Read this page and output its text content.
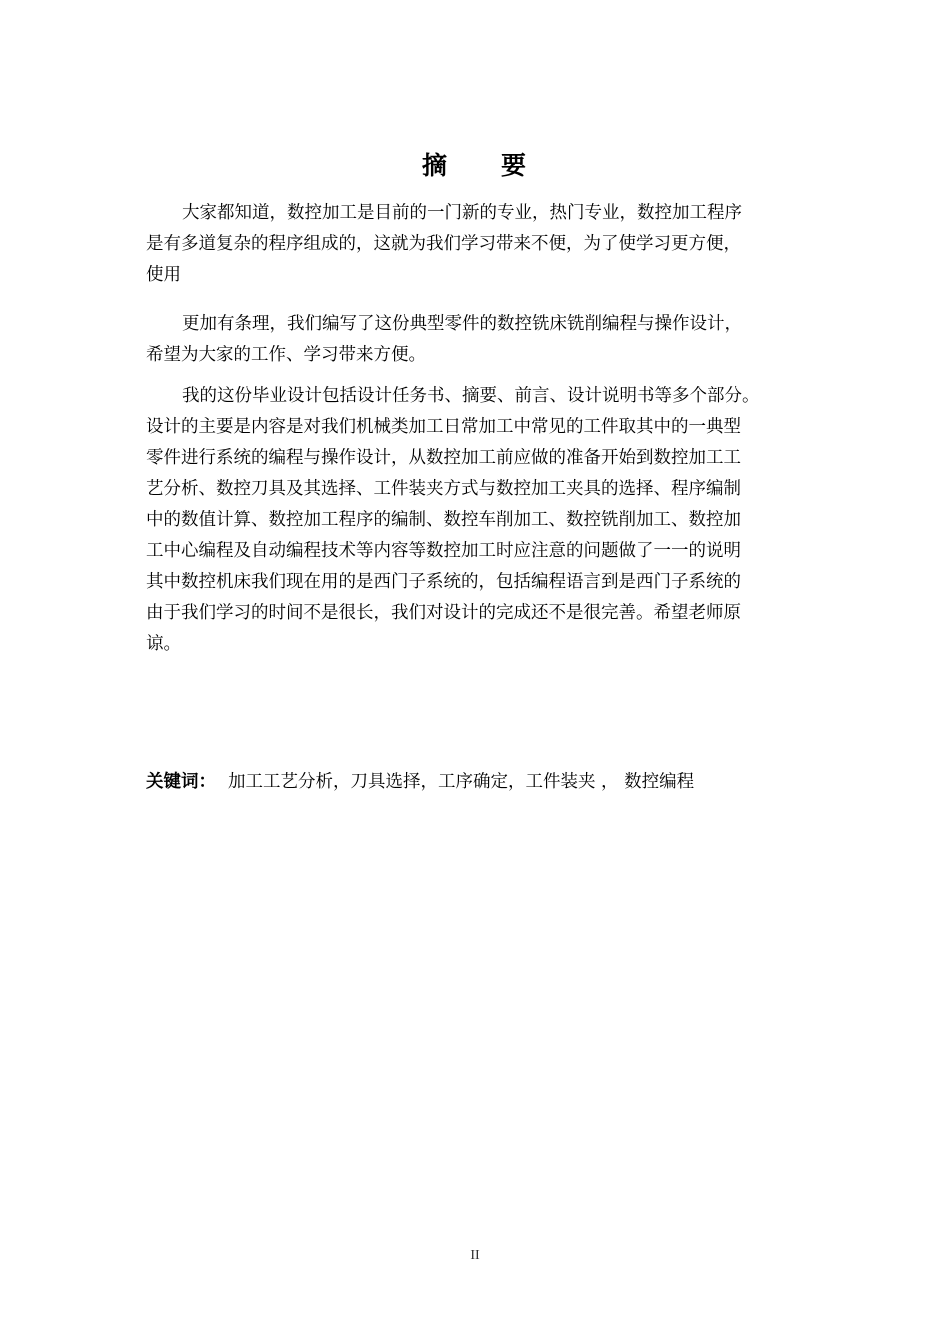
摘 要
大家都知道，数控加工是目前的一门新的专业，热门专业，数控加工程序
是有多道复杂的程序组成的，这就为我们学习带来不便，为了使学习更方便，
使用
更加有条理，我们编写了这份典型零件的数控铣床铣削编程与操作设计，
希望为大家的工作、学习带来方便。
我的这份毕业设计包括设计任务书、摘要、前言、设计说明书等多个部分。
设计的主要是内容是对我们机械类加工日常加工中常见的工件取其中的一典型
零件进行系统的编程与操作设计，从数控加工前应做的准备开始到数控加工工
艺分析、数控刀具及其选择、工件装夹方式与数控加工夹具的选择、程序编制
中的数值计算、数控加工程序的编制、数控车削加工、数控铣削加工、数控加
工中心编程及自动编程技术等内容等数控加工时应注意的问题做了一一的说明
其中数控机床我们现在用的是西门子系统的，包括编程语言到是西门子系统的
由于我们学习的时间不是很长，我们对设计的完成还不是很完善。希望老师原
谅。
关键词： 加工工艺分析，刀具选择，工序确定，工件装夹 ， 数控编程
II
